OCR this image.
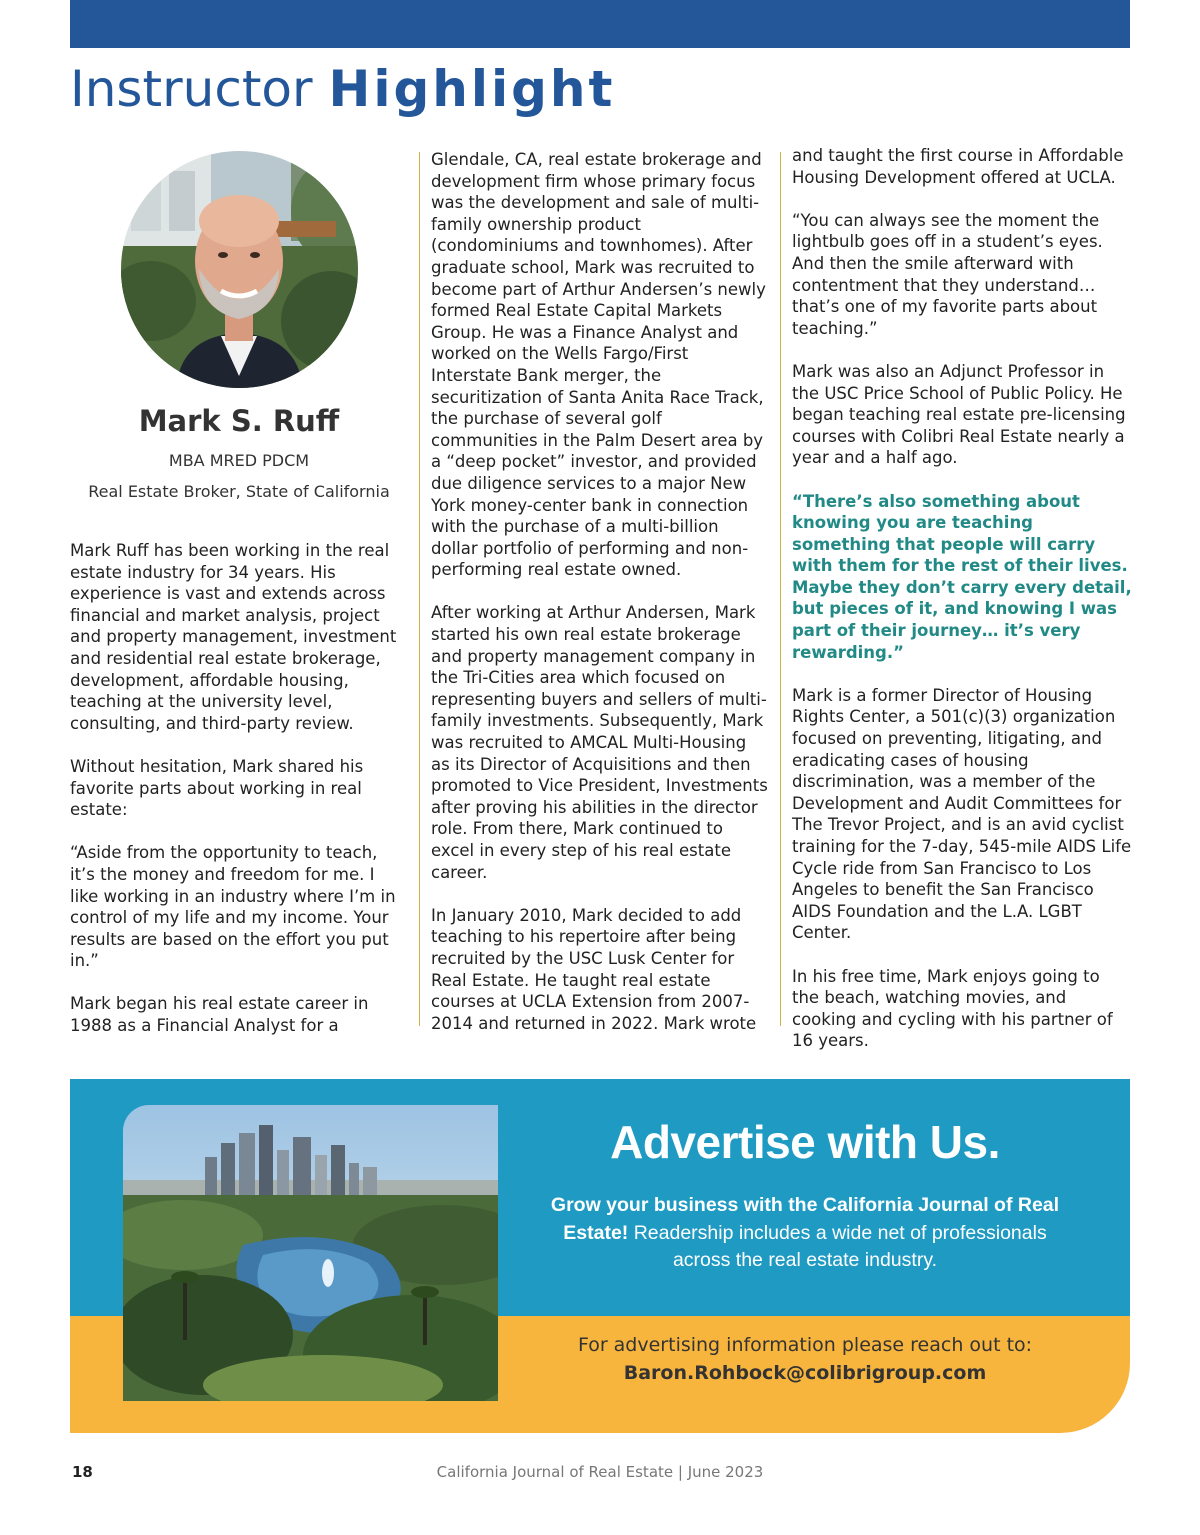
Instructor Highlight
Mark S. Ruff
MBA MRED PDCM
Real Estate Broker, State of California

Mark Ruff has been working in the real estate industry for 34 years. His experience is vast and extends across financial and market analysis, project and property management, investment and residential real estate brokerage, development, affordable housing, teaching at the university level, consulting, and third-party review.

Without hesitation, Mark shared his favorite parts about working in real estate:

“Aside from the opportunity to teach, it’s the money and freedom for me. I like working in an industry where I’m in control of my life and my income. Your results are based on the effort you put in.”

Mark began his real estate career in 1988 as a Financial Analyst for a

Glendale, CA, real estate brokerage and development firm whose primary focus was the development and sale of multi-family ownership product (condominiums and townhomes). After graduate school, Mark was recruited to become part of Arthur Andersen’s newly formed Real Estate Capital Markets Group. He was a Finance Analyst and worked on the Wells Fargo/First Interstate Bank merger, the securitization of Santa Anita Race Track, the purchase of several golf communities in the Palm Desert area by a “deep pocket” investor, and provided due diligence services to a major New York money-center bank in connection with the purchase of a multi-billion dollar portfolio of performing and non-performing real estate owned.

After working at Arthur Andersen, Mark started his own real estate brokerage and property management company in the Tri-Cities area which focused on representing buyers and sellers of multi-family investments. Subsequently, Mark was recruited to AMCAL Multi-Housing as its Director of Acquisitions and then promoted to Vice President, Investments after proving his abilities in the director role. From there, Mark continued to excel in every step of his real estate career.

In January 2010, Mark decided to add teaching to his repertoire after being recruited by the USC Lusk Center for Real Estate. He taught real estate courses at UCLA Extension from 2007-2014 and returned in 2022. Mark wrote

and taught the first course in Affordable Housing Development offered at UCLA.

“You can always see the moment the lightbulb goes off in a student’s eyes. And then the smile afterward with contentment that they understand… that’s one of my favorite parts about teaching.”

Mark was also an Adjunct Professor in the USC Price School of Public Policy. He began teaching real estate pre-licensing courses with Colibri Real Estate nearly a year and a half ago.

“There’s also something about knowing you are teaching something that people will carry with them for the rest of their lives. Maybe they don’t carry every detail, but pieces of it, and knowing I was part of their journey… it’s very rewarding.”

Mark is a former Director of Housing Rights Center, a 501(c)(3) organization focused on preventing, litigating, and eradicating cases of housing discrimination, was a member of the Development and Audit Committees for The Trevor Project, and is an avid cyclist training for the 7-day, 545-mile AIDS Life Cycle ride from San Francisco to Los Angeles to benefit the San Francisco AIDS Foundation and the L.A. LGBT Center.

In his free time, Mark enjoys going to the beach, watching movies, and cooking and cycling with his partner of 16 years.

Advertise with Us.
Grow your business with the California Journal of Real Estate! Readership includes a wide net of professionals across the real estate industry.
For advertising information please reach out to:
Baron.Rohbock@colibrigroup.com
18	California Journal of Real Estate | June 2023
